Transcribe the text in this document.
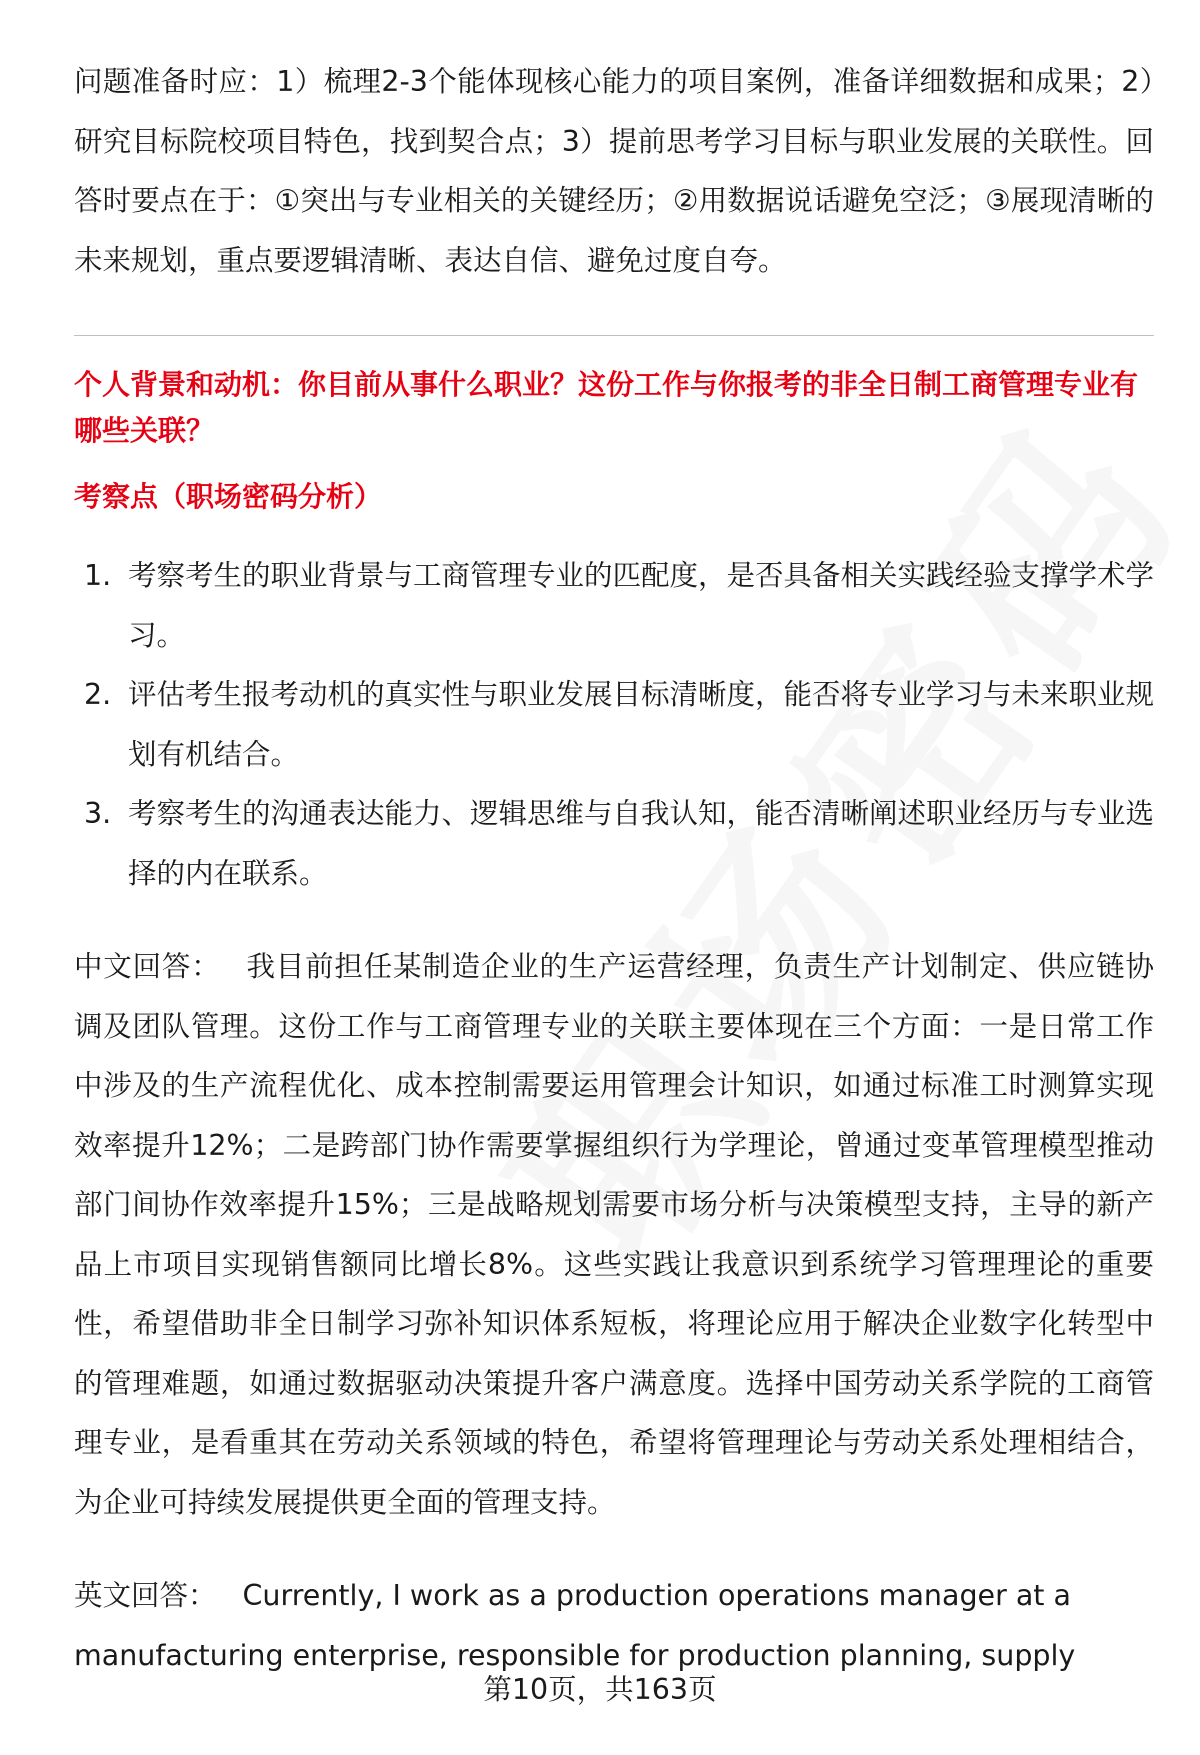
问题准备时应：1）梳理2-3个能体现核心能力的项目案例，准备详细数据和成果；2）研究目标院校项目特色，找到契合点；3）提前思考学习目标与职业发展的关联性。回答时要点在于：①突出与专业相关的关键经历；②用数据说话避免空泛；③展现清晰的未来规划，重点要逻辑清晰、表达自信、避免过度自夸。

个人背景和动机：你目前从事什么职业？这份工作与你报考的非全日制工商管理专业有哪些关联？
考察点（职场密码分析）
1. 考察考生的职业背景与工商管理专业的匹配度，是否具备相关实践经验支撑学术学习。
2. 评估考生报考动机的真实性与职业发展目标清晰度，能否将专业学习与未来职业规划有机结合。
3. 考察考生的沟通表达能力、逻辑思维与自我认知，能否清晰阐述职业经历与专业选择的内在联系。

中文回答： 我目前担任某制造企业的生产运营经理，负责生产计划制定、供应链协调及团队管理。这份工作与工商管理专业的关联主要体现在三个方面：一是日常工作中涉及的生产流程优化、成本控制需要运用管理会计知识，如通过标准工时测算实现效率提升12%；二是跨部门协作需要掌握组织行为学理论，曾通过变革管理模型推动部门间协作效率提升15%；三是战略规划需要市场分析与决策模型支持，主导的新产品上市项目实现销售额同比增长8%。这些实践让我意识到系统学习管理理论的重要性，希望借助非全日制学习弥补知识体系短板，将理论应用于解决企业数字化转型中的管理难题，如通过数据驱动决策提升客户满意度。选择中国劳动关系学院的工商管理专业，是看重其在劳动关系领域的特色，希望将管理理论与劳动关系处理相结合，为企业可持续发展提供更全面的管理支持。

英文回答： Currently, I work as a production operations manager at a manufacturing enterprise, responsible for production planning, supply

第10页，共163页
